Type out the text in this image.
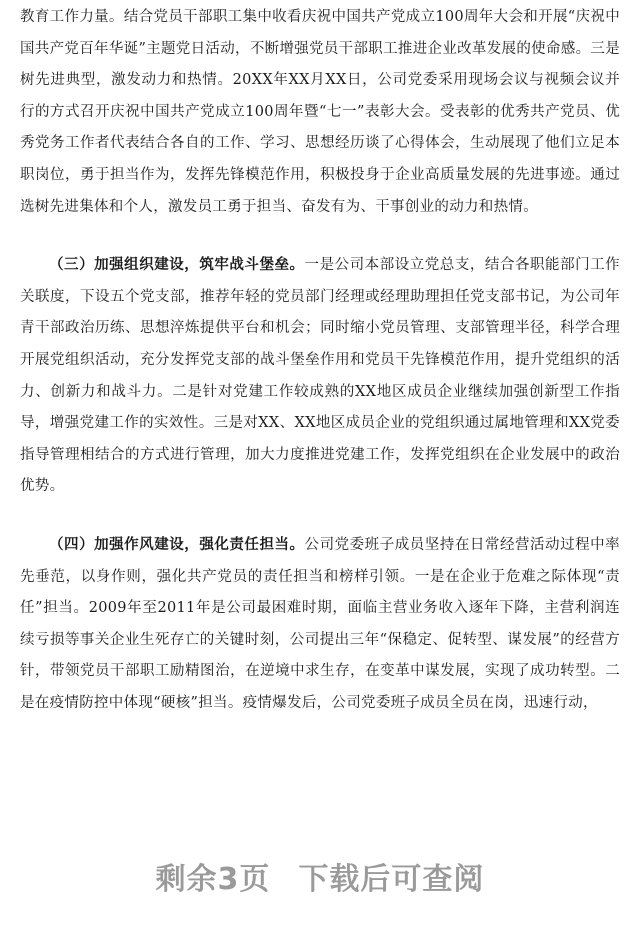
教育工作力量。结合党员干部职工集中收看庆祝中国共产党成立100周年大会和开展“庆祝中国共产党百年华诞”主题党日活动，不断增强党员干部职工推进企业改革发展的使命感。三是树先进典型，激发动力和热情。20XX年XX月XX日，公司党委采用现场会议与视频会议并行的方式召开庆祝中国共产党成立100周年暨“七一”表彰大会。受表彰的优秀共产党员、优秀党务工作者代表结合各自的工作、学习、思想经历谈了心得体会，生动展现了他们立足本职岗位，勇于担当作为，发挥先锋模范作用，积极投身于企业高质量发展的先进事迹。通过选树先进集体和个人，激发员工勇于担当、奋发有为、干事创业的动力和热情。

（三）加强组织建设，筑牢战斗堡垒。一是公司本部设立党总支，结合各职能部门工作关联度，下设五个党支部，推荐年轻的党员部门经理或经理助理担任党支部书记，为公司年青干部政治历练、思想淬炼提供平台和机会；同时缩小党员管理、支部管理半径，科学合理开展党组织活动，充分发挥党支部的战斗堡垒作用和党员干先锋模范作用，提升党组织的活力、创新力和战斗力。二是针对党建工作较成熟的XX地区成员企业继续加强创新型工作指导，增强党建工作的实效性。三是对XX、XX地区成员企业的党组织通过属地管理和XX党委指导管理相结合的方式进行管理，加大力度推进党建工作，发挥党组织在企业发展中的政治优势。

（四）加强作风建设，强化责任担当。公司党委班子成员坚持在日常经营活动过程中率先垂范，以身作则，强化共产党员的责任担当和榜样引领。一是在企业于危难之际体现“责任”担当。2009年至2011年是公司最困难时期，面临主营业务收入逐年下降，主营利润连续亏损等事关企业生死存亡的关键时刻，公司提出三年“保稳定、促转型、谋发展”的经营方针，带领党员干部职工励精图治，在逆境中求生存，在变革中谋发展，实现了成功转型。二是在疫情防控中体现“硬核”担当。疫情爆发后，公司党委班子成员全员在岗，迅速行动，

剩余3页 下载后可查阅
